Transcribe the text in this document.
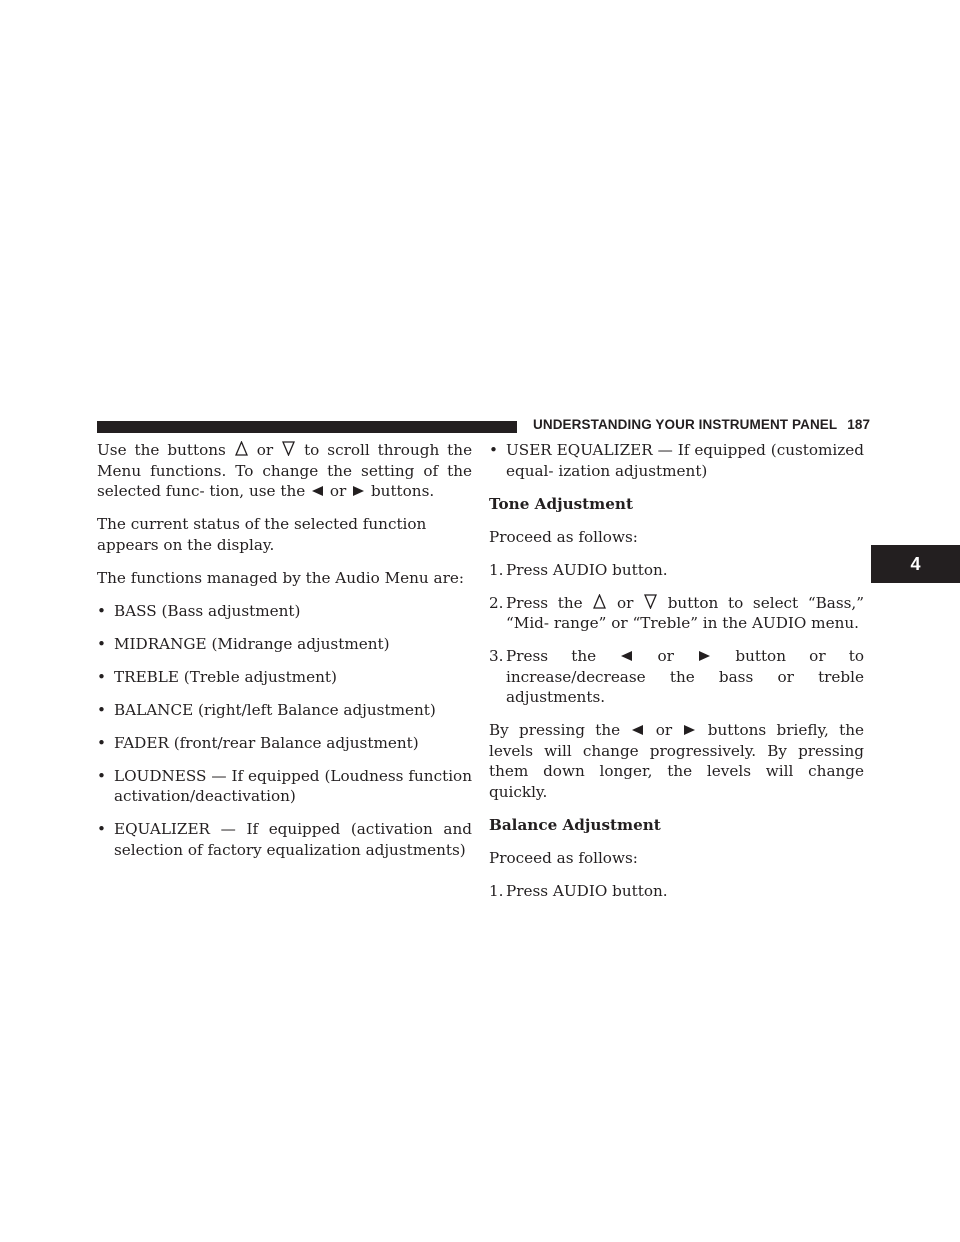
UNDERSTANDING YOUR INSTRUMENT PANEL 187
4

Use the buttons or to scroll through the Menu functions. To change the setting of the selected func- tion, use the or buttons.

The current status of the selected function appears on the display.

The functions managed by the Audio Menu are:

• BASS (Bass adjustment)
• MIDRANGE (Midrange adjustment)
• TREBLE (Treble adjustment)
• BALANCE (right/left Balance adjustment)
• FADER (front/rear Balance adjustment)
• LOUDNESS — If equipped (Loudness function activation/deactivation)
• EQUALIZER — If equipped (activation and selection of factory equalization adjustments)
• USER EQUALIZER — If equipped (customized equal- ization adjustment)

Tone Adjustment

Proceed as follows:

1. Press AUDIO button.
2. Press the or button to select “Bass,” “Mid- range” or “Treble” in the AUDIO menu.
3. Press the	or	button or to increase/decrease the bass or treble adjustments.

By pressing the or buttons briefly, the levels will change progressively. By pressing them down longer, the levels will change quickly.

Balance Adjustment

Proceed as follows:

1. Press AUDIO button.
